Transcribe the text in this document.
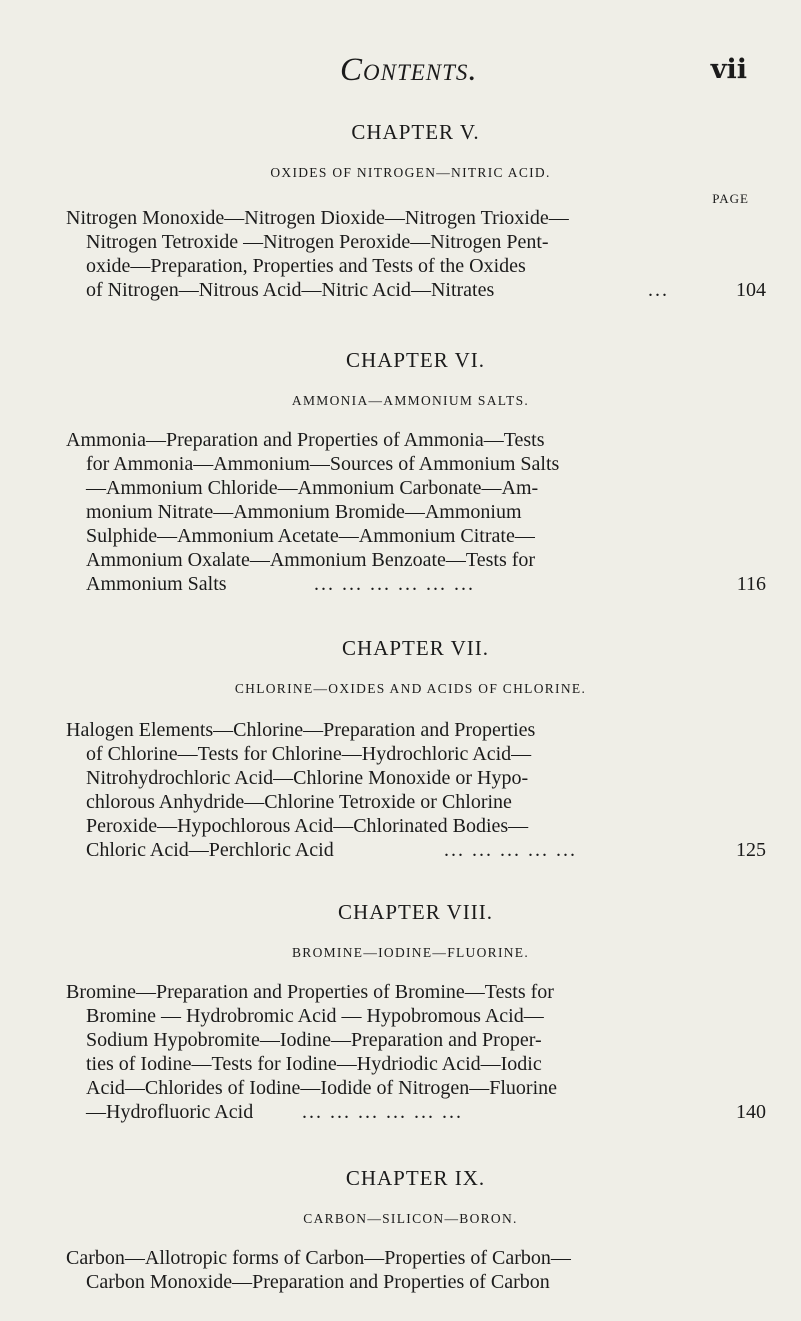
Contents.	vii

CHAPTER V.

OXIDES OF NITROGEN—NITRIC ACID.

PAGE
Nitrogen Monoxide—Nitrogen Dioxide—Nitrogen Trioxide—
Nitrogen Tetroxide —Nitrogen Peroxide—Nitrogen Pent-
oxide—Preparation, Properties and Tests of the Oxides
of Nitrogen—Nitrous Acid—Nitric Acid—Nitrates	...	104

CHAPTER VI.

AMMONIA—AMMONIUM SALTS.

Ammonia—Preparation and Properties of Ammonia—Tests
for Ammonia—Ammonium—Sources of Ammonium Salts
—Ammonium Chloride—Ammonium Carbonate—Am-
monium Nitrate—Ammonium Bromide—Ammonium
Sulphide—Ammonium Acetate—Ammonium Citrate—
Ammonium Oxalate—Ammonium Benzoate—Tests for
Ammonium Salts	... ... ... ... ... ...	116

CHAPTER VII.

CHLORINE—OXIDES AND ACIDS OF CHLORINE.

Halogen Elements—Chlorine—Preparation and Properties
of Chlorine—Tests for Chlorine—Hydrochloric Acid—
Nitrohydrochloric Acid—Chlorine Monoxide or Hypo-
chlorous Anhydride—Chlorine Tetroxide or Chlorine
Peroxide—Hypochlorous Acid—Chlorinated Bodies—
Chloric Acid—Perchloric Acid	... ... ... ... ...	125

CHAPTER VIII.

BROMINE—IODINE—FLUORINE.

Bromine—Preparation and Properties of Bromine—Tests for
Bromine — Hydrobromic Acid — Hypobromous Acid—
Sodium Hypobromite—Iodine—Preparation and Proper-
ties of Iodine—Tests for Iodine—Hydriodic Acid—Iodic
Acid—Chlorides of Iodine—Iodide of Nitrogen—Fluorine
—Hydrofluoric Acid ... ... ... ... ... ...	140

CHAPTER IX.

CARBON—SILICON—BORON.

Carbon—Allotropic forms of Carbon—Properties of Carbon—
Carbon Monoxide—Preparation and Properties of Carbon
